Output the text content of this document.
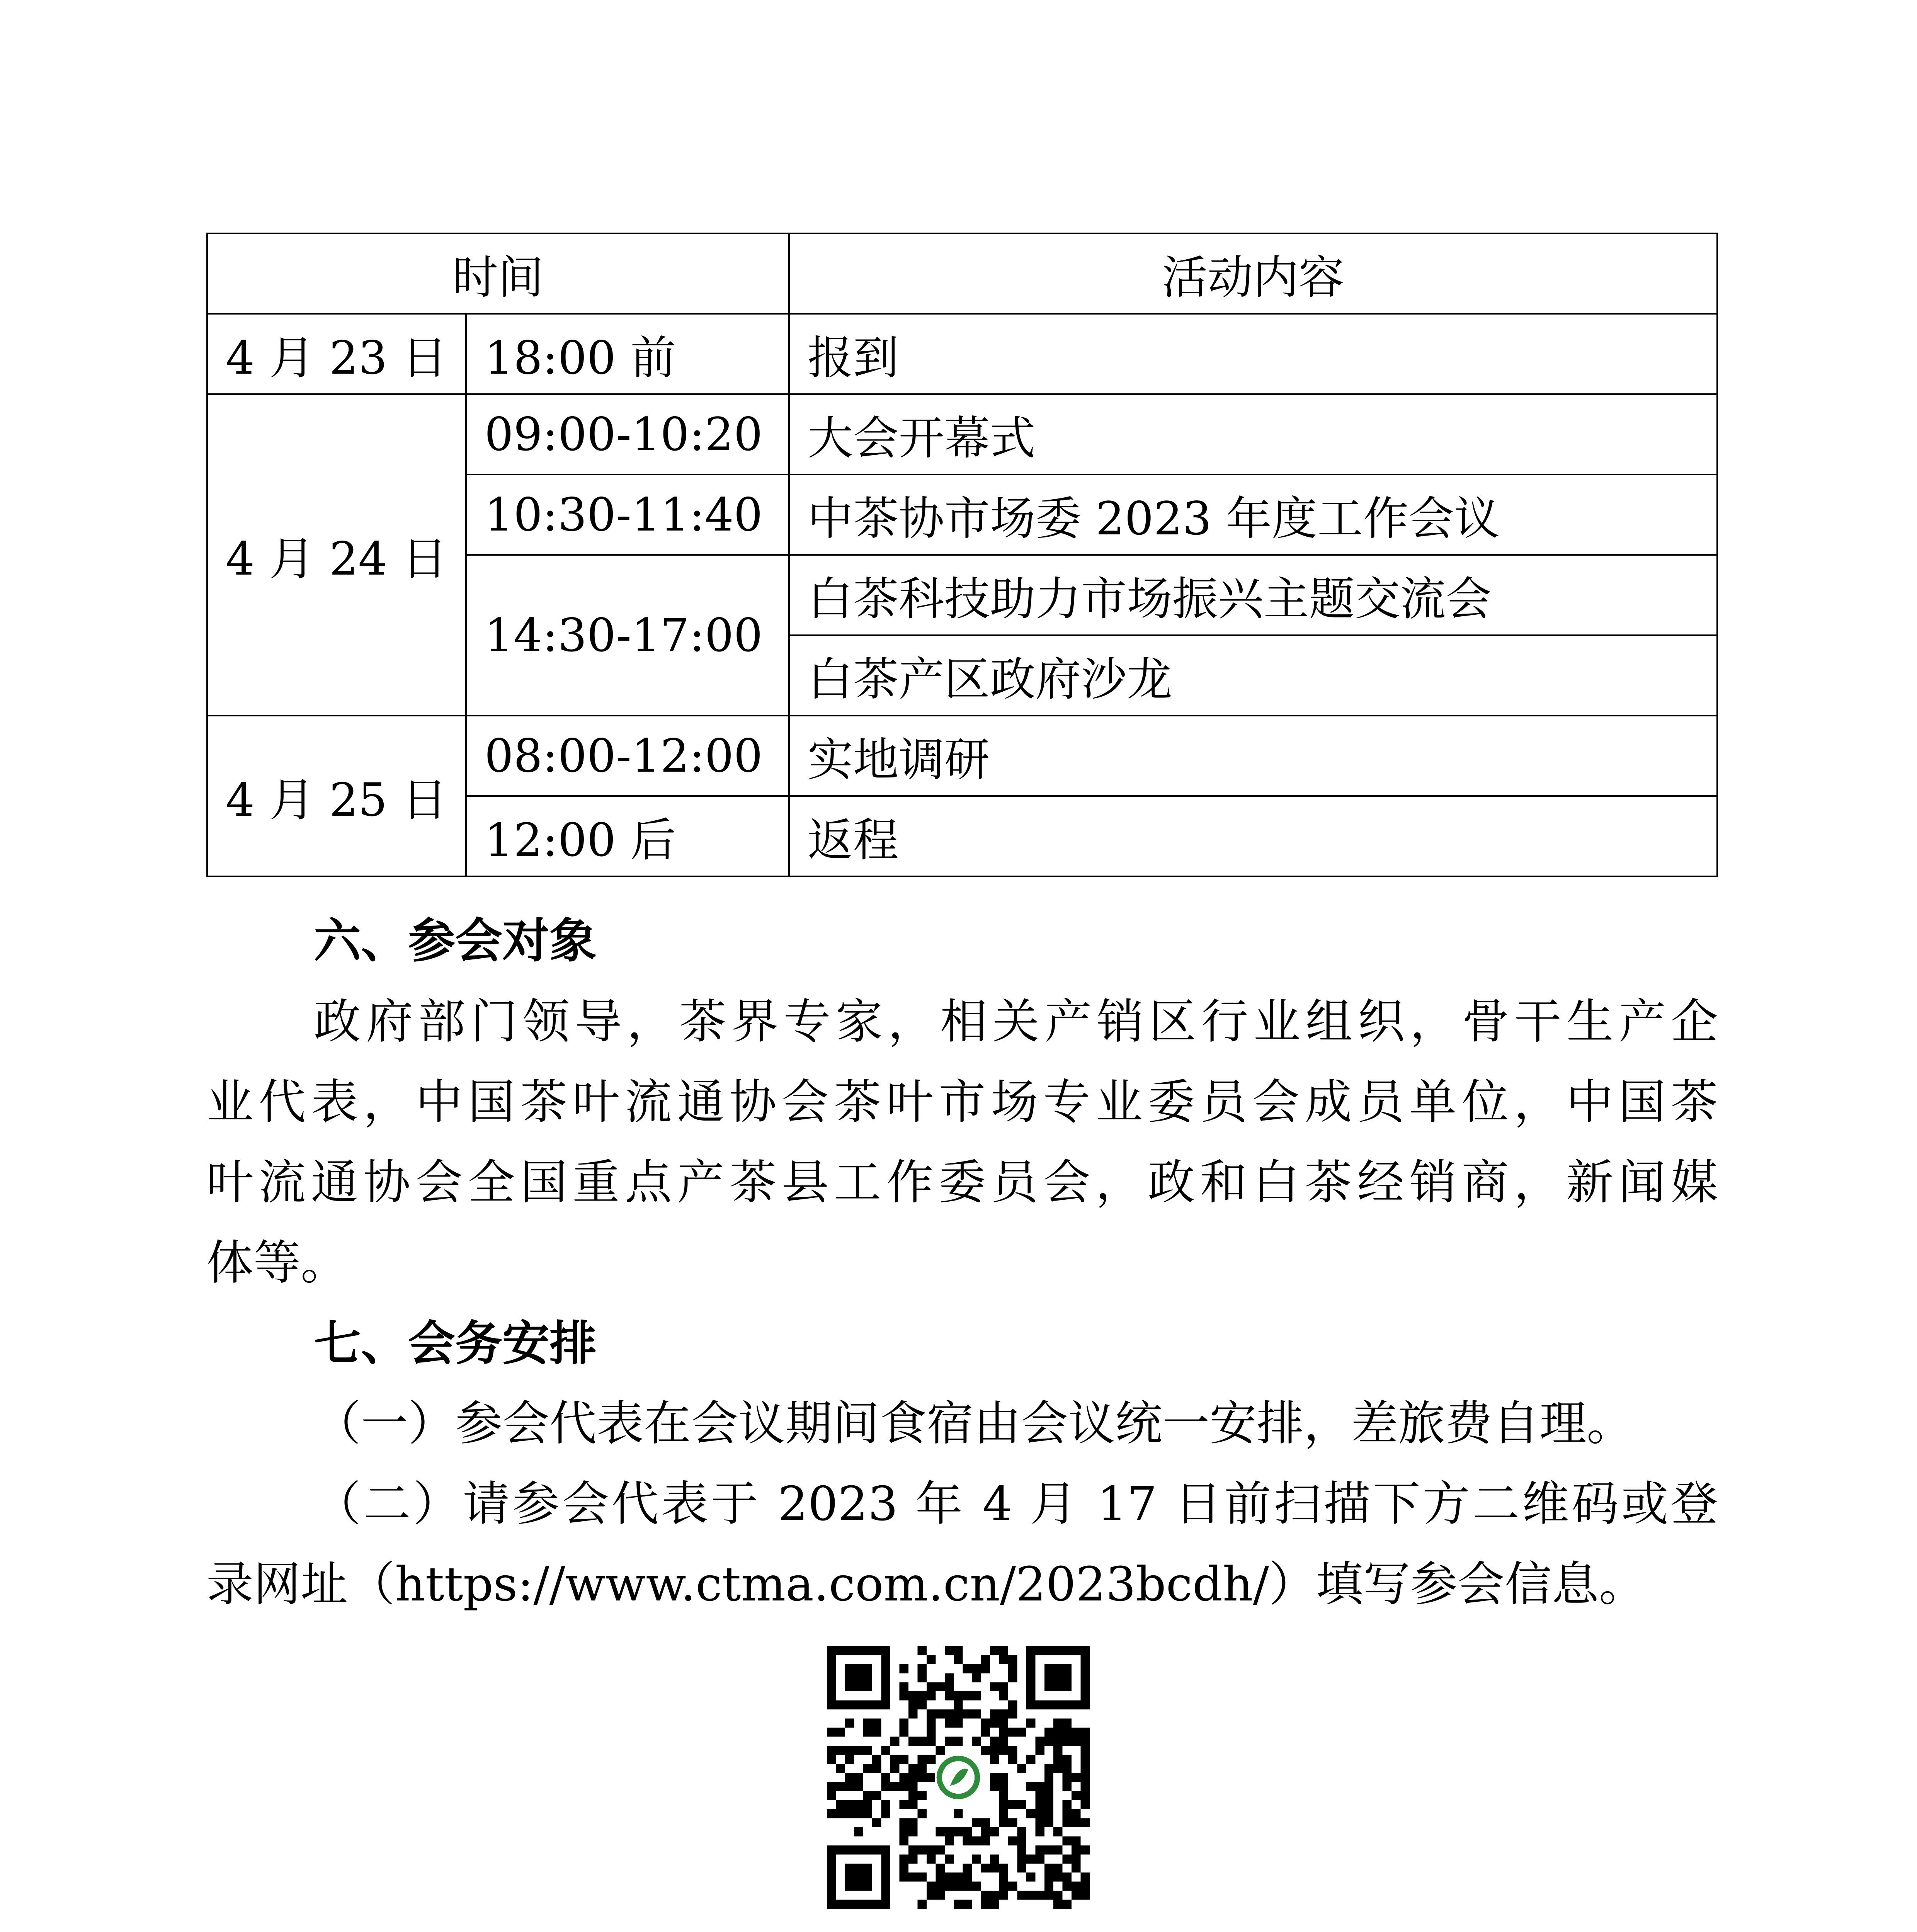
时间		活动内容
4 月 23 日	18:00 前	报到
4 月 24 日	09:00-10:20	大会开幕式
	10:30-11:40	中茶协市场委 2023 年度工作会议
	14:30-17:00	白茶科技助力市场振兴主题交流会
		白茶产区政府沙龙
4 月 25 日	08:00-12:00	实地调研
	12:00 后	返程
六、参会对象
政府部门领导，茶界专家，相关产销区行业组织，骨干生产企
业代表，中国茶叶流通协会茶叶市场专业委员会成员单位，中国茶
叶流通协会全国重点产茶县工作委员会，政和白茶经销商，新闻媒
体等。
七、会务安排
（一）参会代表在会议期间食宿由会议统一安排，差旅费自理。
（二）请参会代表于 2023 年 4 月 17 日前扫描下方二维码或登
录网址（https://www.ctma.com.cn/2023bcdh/）填写参会信息。
